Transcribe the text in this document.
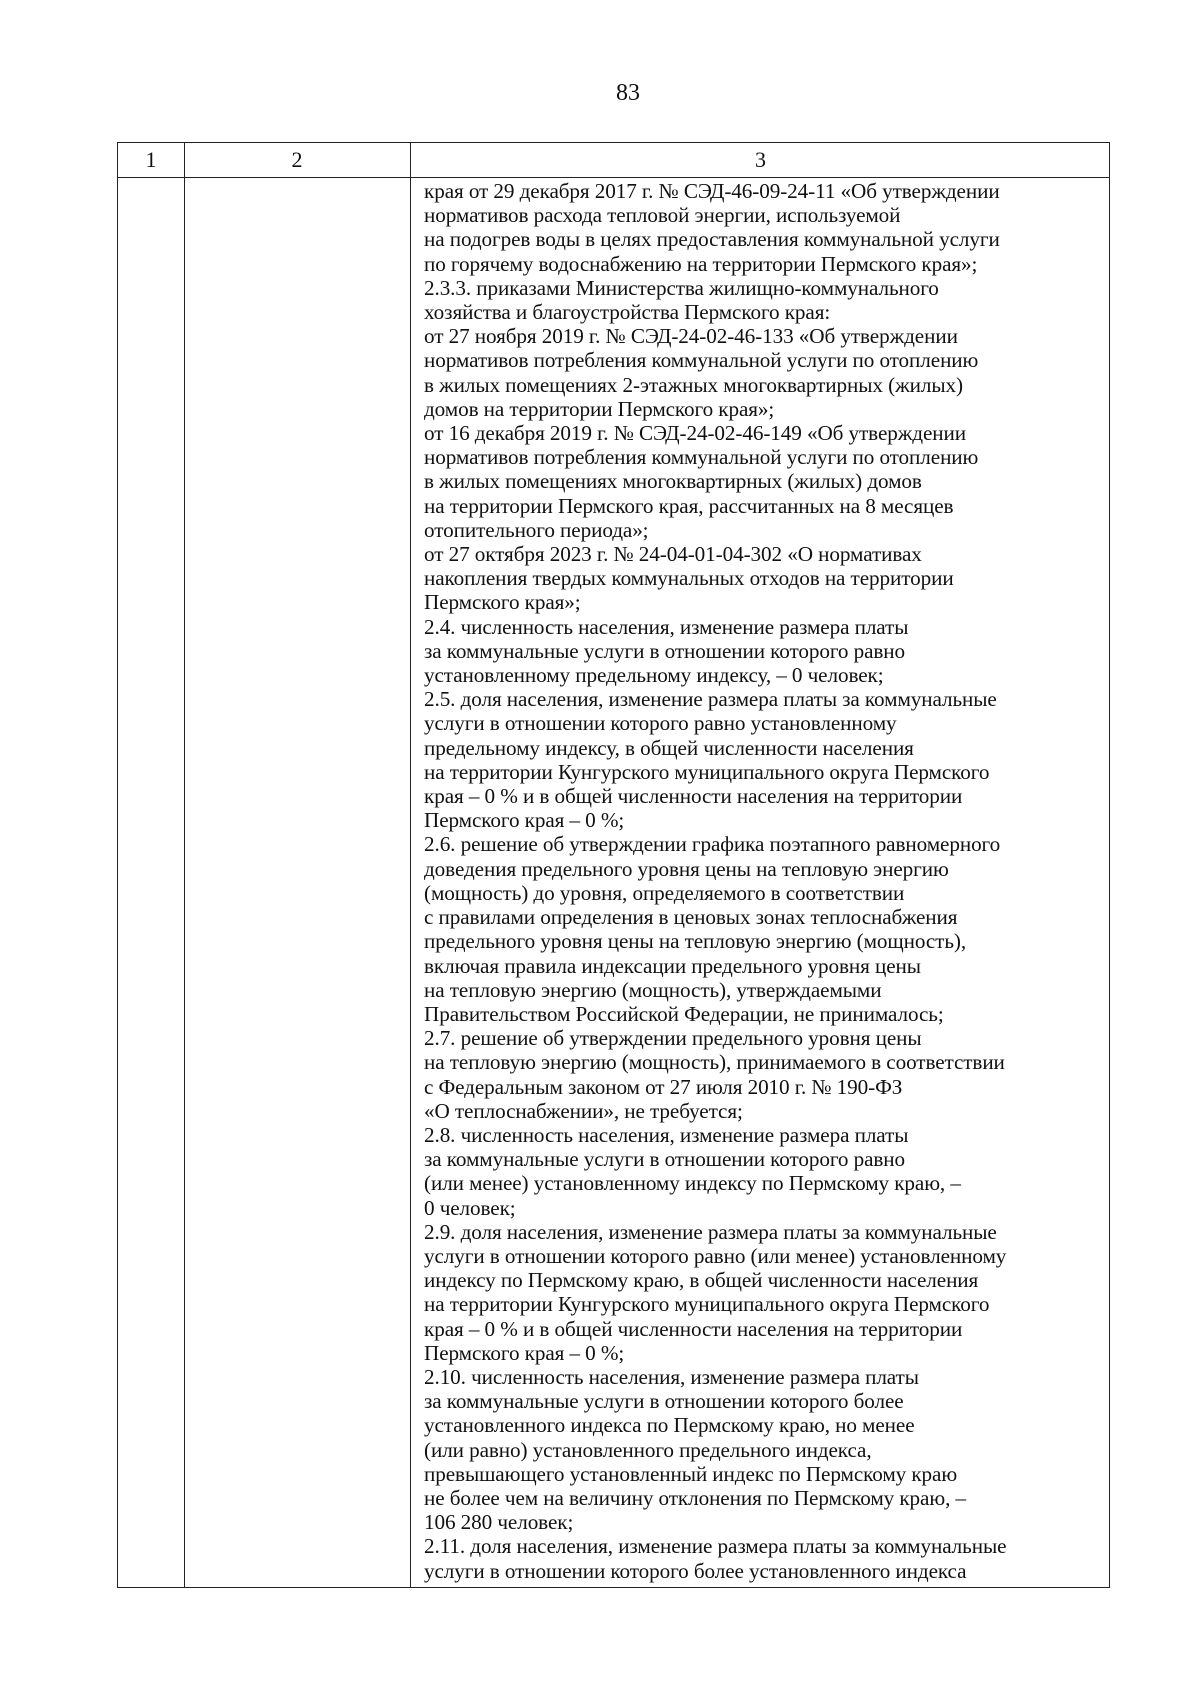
83
1	2	3
края от 29 декабря 2017 г. № СЭД-46-09-24-11 «Об утверждении
нормативов расхода тепловой энергии, используемой
на подогрев воды в целях предоставления коммунальной услуги
по горячему водоснабжению на территории Пермского края»;
2.3.3. приказами Министерства жилищно-коммунального
хозяйства и благоустройства Пермского края:
от 27 ноября 2019 г. № СЭД-24-02-46-133 «Об утверждении
нормативов потребления коммунальной услуги по отоплению
в жилых помещениях 2-этажных многоквартирных (жилых)
домов на территории Пермского края»;
от 16 декабря 2019 г. № СЭД-24-02-46-149 «Об утверждении
нормативов потребления коммунальной услуги по отоплению
в жилых помещениях многоквартирных (жилых) домов
на территории Пермского края, рассчитанных на 8 месяцев
отопительного периода»;
от 27 октября 2023 г. № 24-04-01-04-302 «О нормативах
накопления твердых коммунальных отходов на территории
Пермского края»;
2.4. численность населения, изменение размера платы
за коммунальные услуги в отношении которого равно
установленному предельному индексу, – 0 человек;
2.5. доля населения, изменение размера платы за коммунальные
услуги в отношении которого равно установленному
предельному индексу, в общей численности населения
на территории Кунгурского муниципального округа Пермского
края – 0 % и в общей численности населения на территории
Пермского края – 0 %;
2.6. решение об утверждении графика поэтапного равномерного
доведения предельного уровня цены на тепловую энергию
(мощность) до уровня, определяемого в соответствии
с правилами определения в ценовых зонах теплоснабжения
предельного уровня цены на тепловую энергию (мощность),
включая правила индексации предельного уровня цены
на тепловую энергию (мощность), утверждаемыми
Правительством Российской Федерации, не принималось;
2.7. решение об утверждении предельного уровня цены
на тепловую энергию (мощность), принимаемого в соответствии
с Федеральным законом от 27 июля 2010 г. № 190-ФЗ
«О теплоснабжении», не требуется;
2.8. численность населения, изменение размера платы
за коммунальные услуги в отношении которого равно
(или менее) установленному индексу по Пермскому краю, –
0 человек;
2.9. доля населения, изменение размера платы за коммунальные
услуги в отношении которого равно (или менее) установленному
индексу по Пермскому краю, в общей численности населения
на территории Кунгурского муниципального округа Пермского
края – 0 % и в общей численности населения на территории
Пермского края – 0 %;
2.10. численность населения, изменение размера платы
за коммунальные услуги в отношении которого более
установленного индекса по Пермскому краю, но менее
(или равно) установленного предельного индекса,
превышающего установленный индекс по Пермскому краю
не более чем на величину отклонения по Пермскому краю, –
106 280 человек;
2.11. доля населения, изменение размера платы за коммунальные
услуги в отношении которого более установленного индекса
